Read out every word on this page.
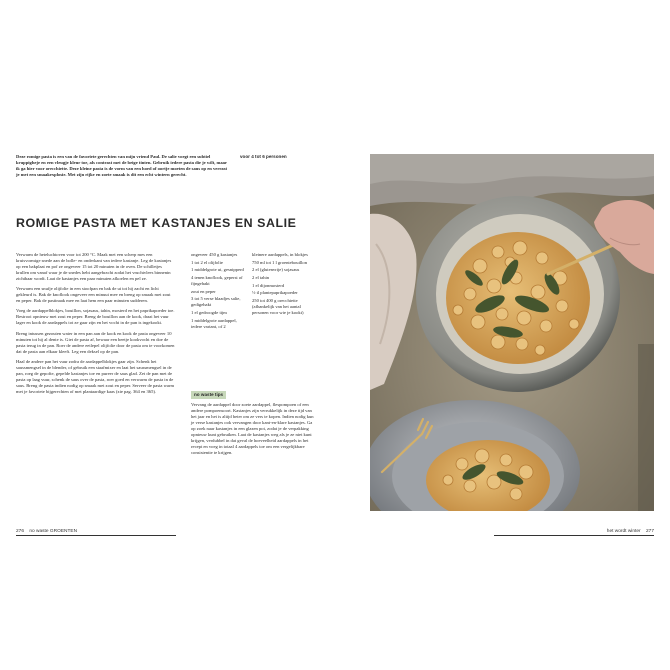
Deze romige pasta is een van de favoriete gerechten van mijn vriend Paul. De salie voegt een subtiel kruppigheje en een vleugje kleur toe, als contrast met de beige tinten. Gebruik iedere pasta die je wilt, maar ik ga hier voor orecchiette. Deze kleine pasta is de vorm van een hoed of oortje moeten de saus op en verrast je met een smaakexplosie. Met zijn rijke en zoete smaak is dit een echt wintern gerecht.
voor 4 tot 6 personen
ROMIGE PASTA MET KASTANJES EN SALIE

Verwarm de heteluchtoven voor tot 200 °C. Maak met een scherp mes een kruisvormige snede aan de bolle- en onderkant van iedere kastanje. Leg de kastanjes op een bakplaat en pof ze ongeveer 15 tot 20 minuten in de oven. De schilletjes krullen om vanaf waar je de snedes hebt aangebracht zodat het vruchtvlees binnenin zichtbaar wordt. Laat de kastanjes een paar minuten afkoelen en pel ze.

Verwarm een snufje olijfolie in een stoofpan en bak de ui tot hij zacht en licht gekleurd is. Bak de knoflook ongeveer een minuut mee en breng op smaak met zout en peper. Bak de pastinaak mee en laat hem een paar minuten sudderen.

Voeg de aardappelblokjes, bouillon, sojasaus, tahin, mosterd en het paprikapoeder toe. Bestrooi opnieuw met zout en peper. Breng de bouillon aan de kook, draai het vuur lager en kook de aardappels tot ze gaar zijn en het vocht in de pan is ingekookt.

Breng intussen gezouten water in een pan aan de kook en kook de pasta ongeveer 10 minuten tot hij al dente is. Giet de pasta af, bewaar een beetje kookvocht en doe de pasta terug in de pan. Roer de andere eetlepel olijfolie door de pasta om te voorkomen dat de pasta aan elkaar kleeft. Leg een deksel op de pan.

Haal de andere pan het vuur zodra de aardappelblokjes gaar zijn. Schenk het saussmengsel in de blender, of gebruik een staafmixer en laat het saussmengsel in de pan, roeg de gepofte, gepelde kastanjes toe en pureer de saus glad. Zet de pan met de pasta op laag vuur, schenk de saus over de pasta, roer goed en verwarm de pasta in de saus. Breng de pasta indien nodig op smaak met zout en peper. Serveer de pasta warm met je favoriete bijgerechten of met plantaardige kaas (zie pag. 364 en 365).

ongeveer 450 g kastanjes

1 tot 2 el olijfolie

1 middelgrote ui, gesnipperd

4 tenen knoflook, geperst of fijngehakt

zout en peper

3 tot 5 verse blaadjes salie, gedigehakt

1 el gedroogde tijm

1 middelgrote aardappel, iedere variant, of 2

kleinere aardappels, in blokjes

750 ml tot 1 l groentebouillon

2 el (glutenvrije) sojasaus

2 el tahin

1 el dijonmosterd

½ tl plantepaprikapoeder

250 tot 400 g orecchiette (afhankelijk van het aantal personen voor wie je kookt)

no waste tips
Vervang de aardappel door zoete aardappel, flespompoen of een andere pompoensoort. Kastanjes zijn verrukkelijk in deze tijd van het jaar en het is altijd beter om ze vers te kopen. Indien nodig kun je verse kastanjes ook vervangen door kant-en-klare kastanjes. Ga op zoek naar kastanjes in een glazen pot, zodat je de verpakking opnieuw kunt gebruiken. Laat de kastanjes weg als je ze niet kunt krijgen, verdubbel in dat geval de hoeveelheid aardappels in het recept en voeg in totaal 4 aardappels toe om een vergelijkbare consistentie te krijgen.
276 no waste GROENTEN	het wordt winter 277
